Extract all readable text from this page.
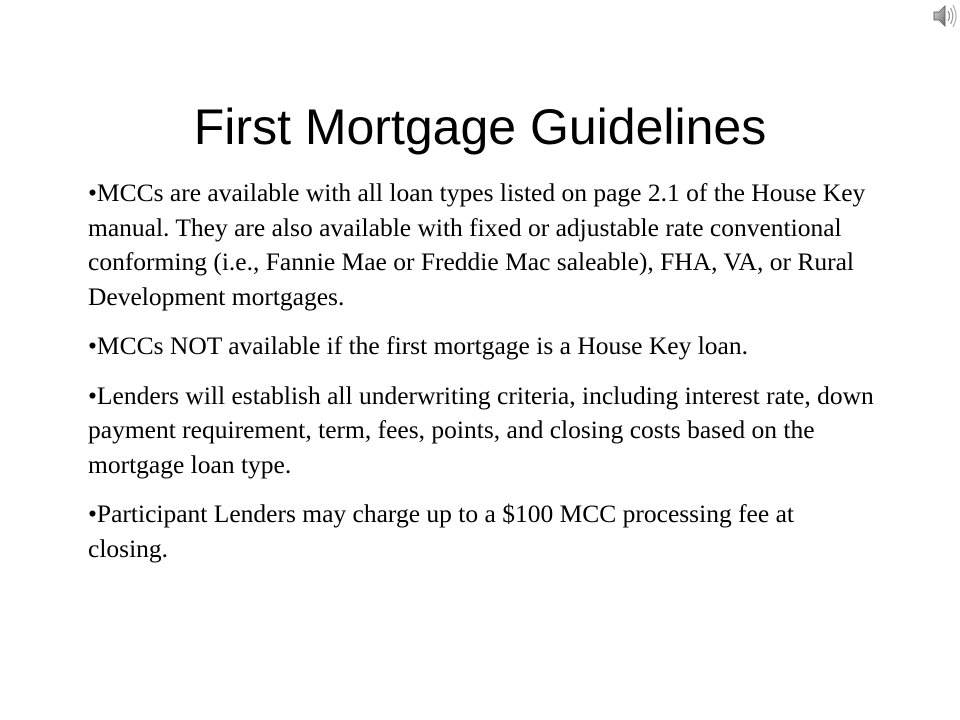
First Mortgage Guidelines
•MCCs are available with all loan types listed on page 2.1 of the House Key manual. They are also available with fixed or adjustable rate conventional conforming (i.e., Fannie Mae or Freddie Mac saleable), FHA, VA, or Rural Development mortgages.
•MCCs NOT available if the first mortgage is a House Key loan.
•Lenders will establish all underwriting criteria, including interest rate, down payment requirement, term, fees, points, and closing costs based on the mortgage loan type.
•Participant Lenders may charge up to a $100 MCC processing fee at closing.
